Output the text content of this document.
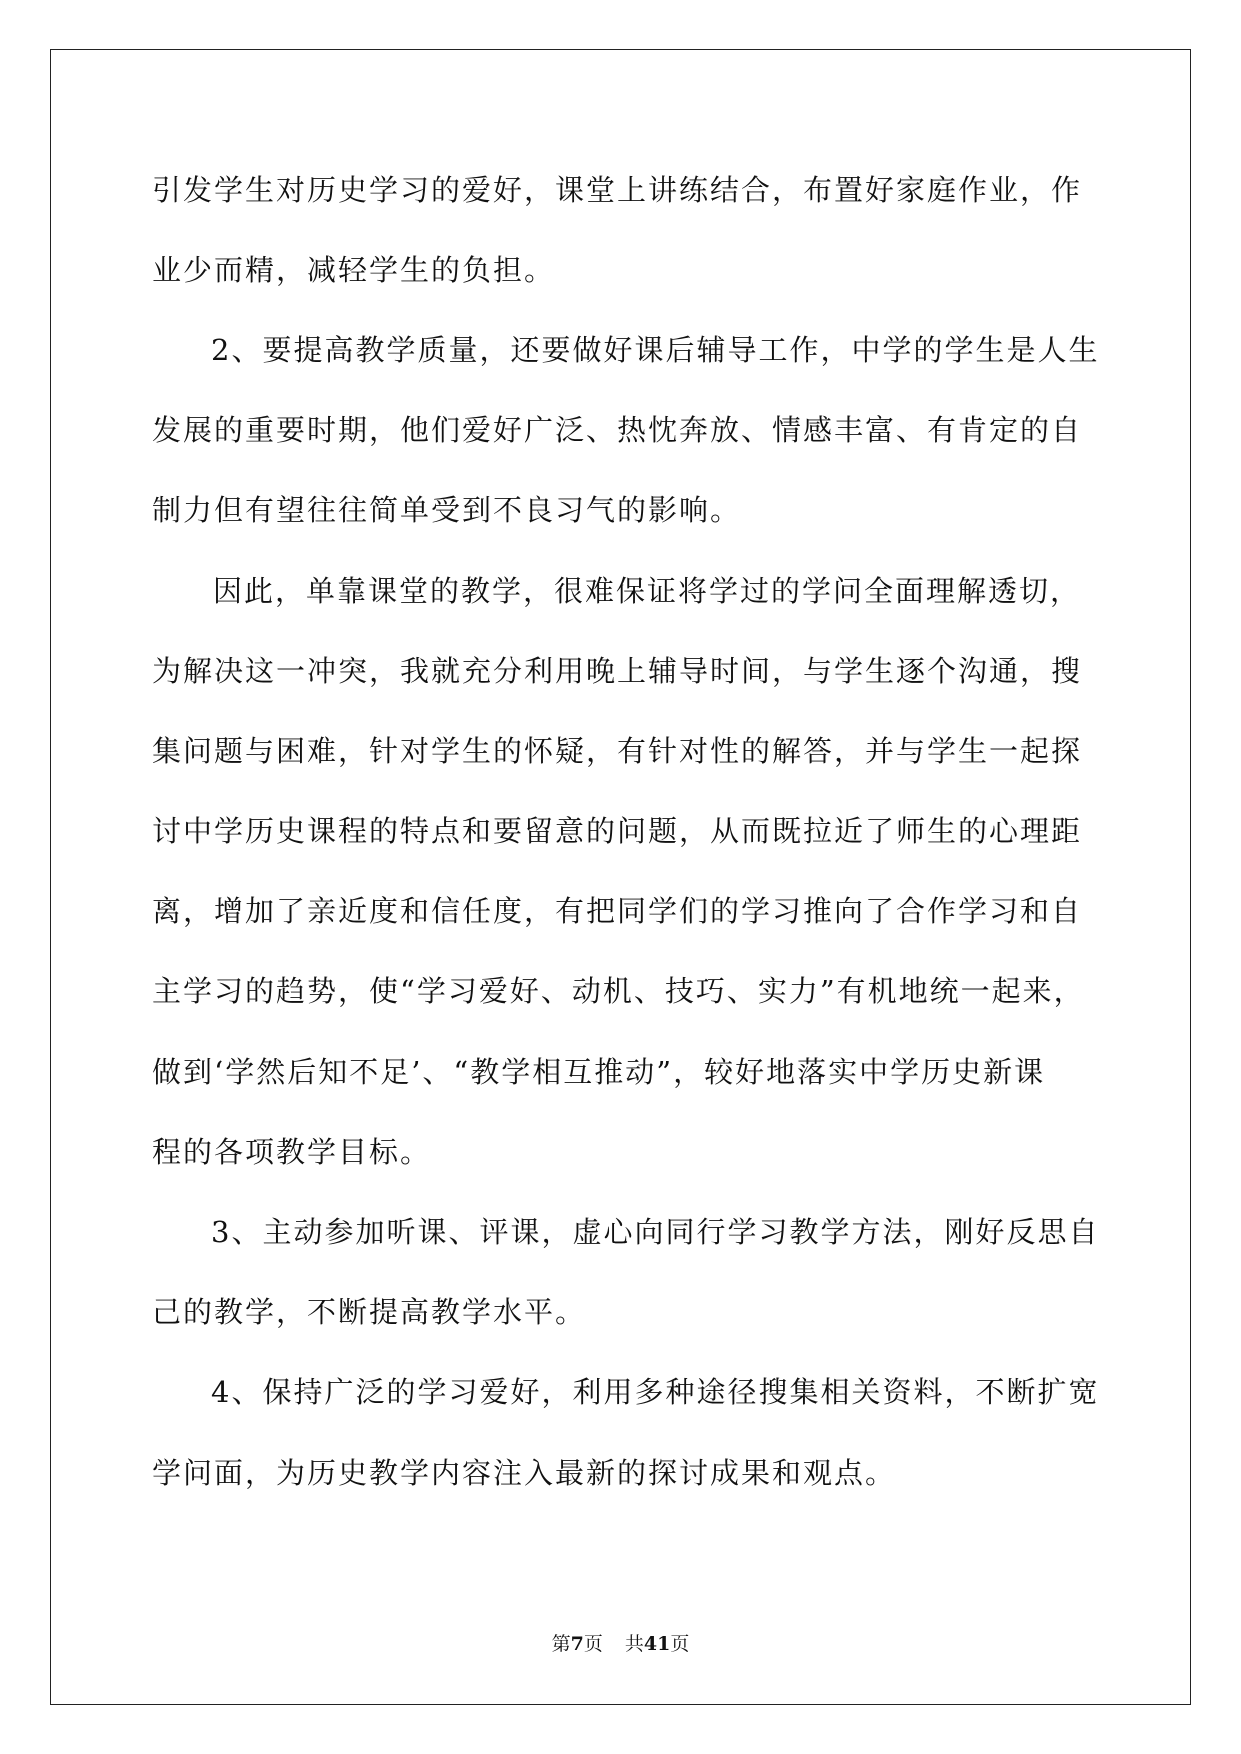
引发学生对历史学习的爱好，课堂上讲练结合，布置好家庭作业，作
业少而精，减轻学生的负担。
2、要提高教学质量，还要做好课后辅导工作，中学的学生是人生
发展的重要时期，他们爱好广泛、热忱奔放、情感丰富、有肯定的自
制力但有望往往简单受到不良习气的影响。
因此，单靠课堂的教学，很难保证将学过的学问全面理解透切，
为解决这一冲突，我就充分利用晚上辅导时间，与学生逐个沟通，搜
集问题与困难，针对学生的怀疑，有针对性的解答，并与学生一起探
讨中学历史课程的特点和要留意的问题，从而既拉近了师生的心理距
离，增加了亲近度和信任度，有把同学们的学习推向了合作学习和自
主学习的趋势，使“学习爱好、动机、技巧、实力”有机地统一起来，
做到‘学然后知不足’、“教学相互推动”，较好地落实中学历史新课
程的各项教学目标。
3、主动参加听课、评课，虚心向同行学习教学方法，刚好反思自
己的教学，不断提高教学水平。
4、保持广泛的学习爱好，利用多种途径搜集相关资料，不断扩宽
学问面，为历史教学内容注入最新的探讨成果和观点。
第7页 共41页
